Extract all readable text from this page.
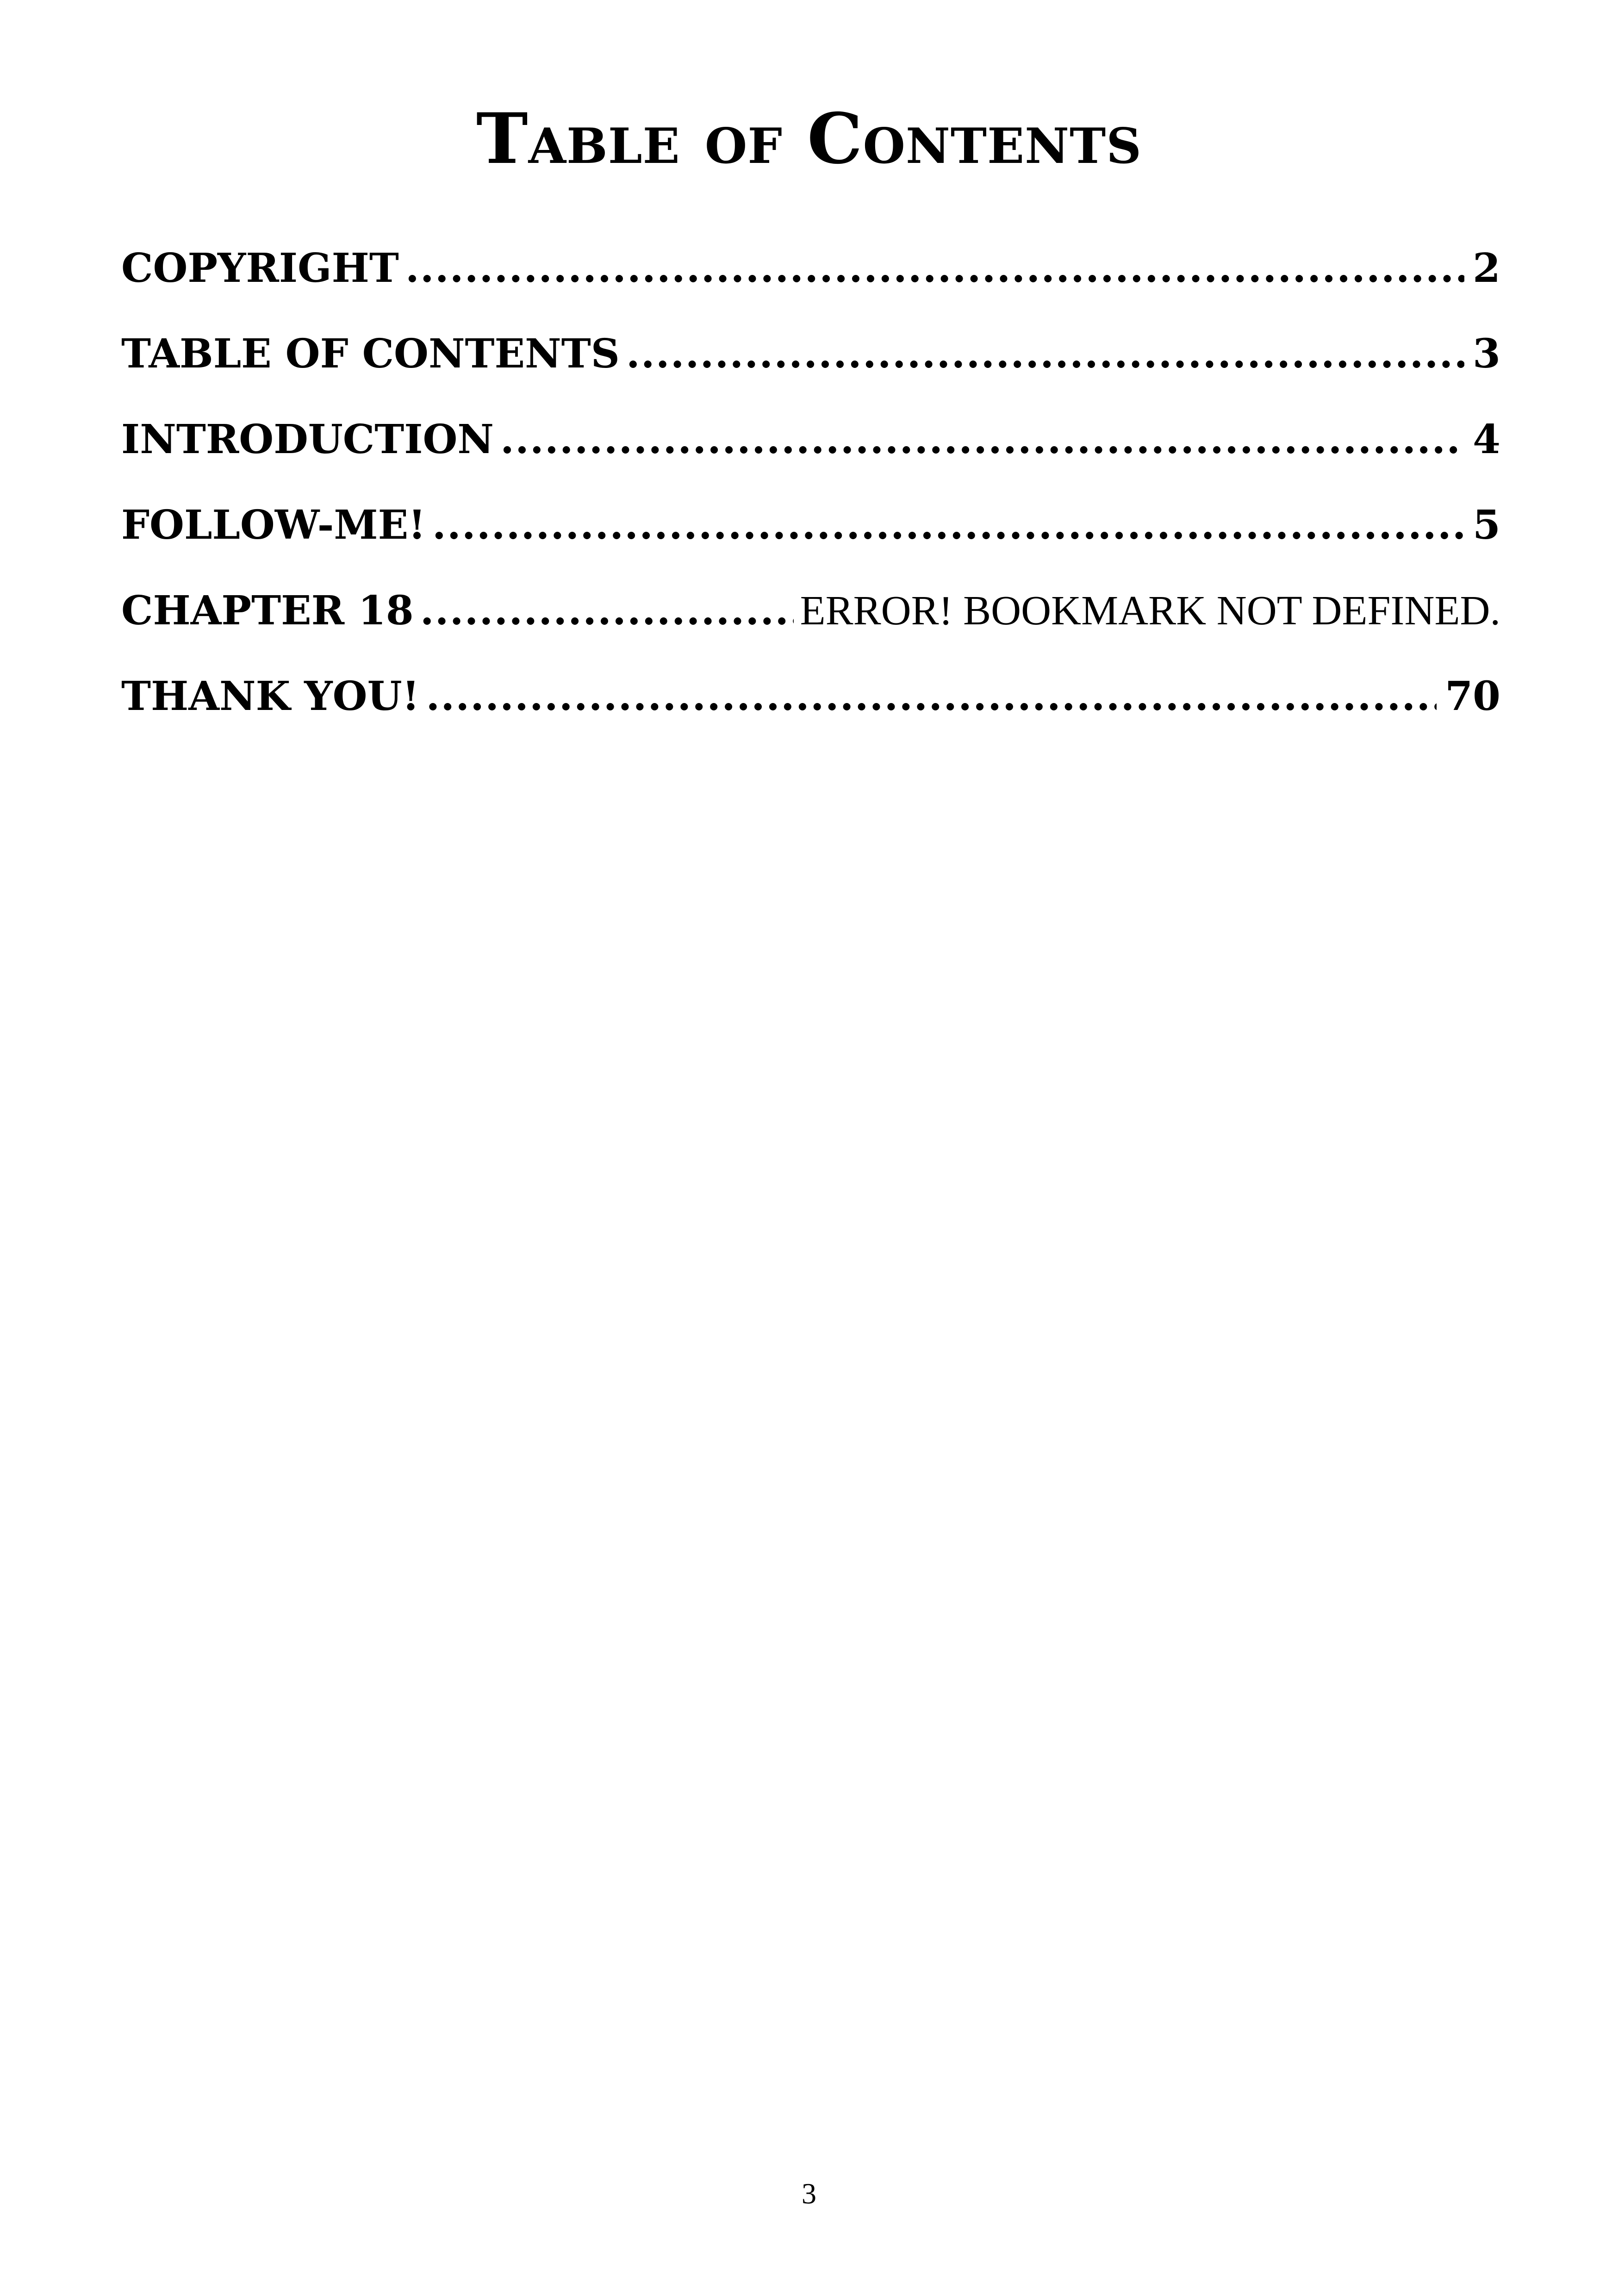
Table of Contents
COPYRIGHT .....	2
TABLE OF CONTENTS .....	3
INTRODUCTION .....	4
FOLLOW-ME! .....	5
CHAPTER 18 .....	ERROR! BOOKMARK NOT DEFINED.
THANK YOU! .....	70
3
